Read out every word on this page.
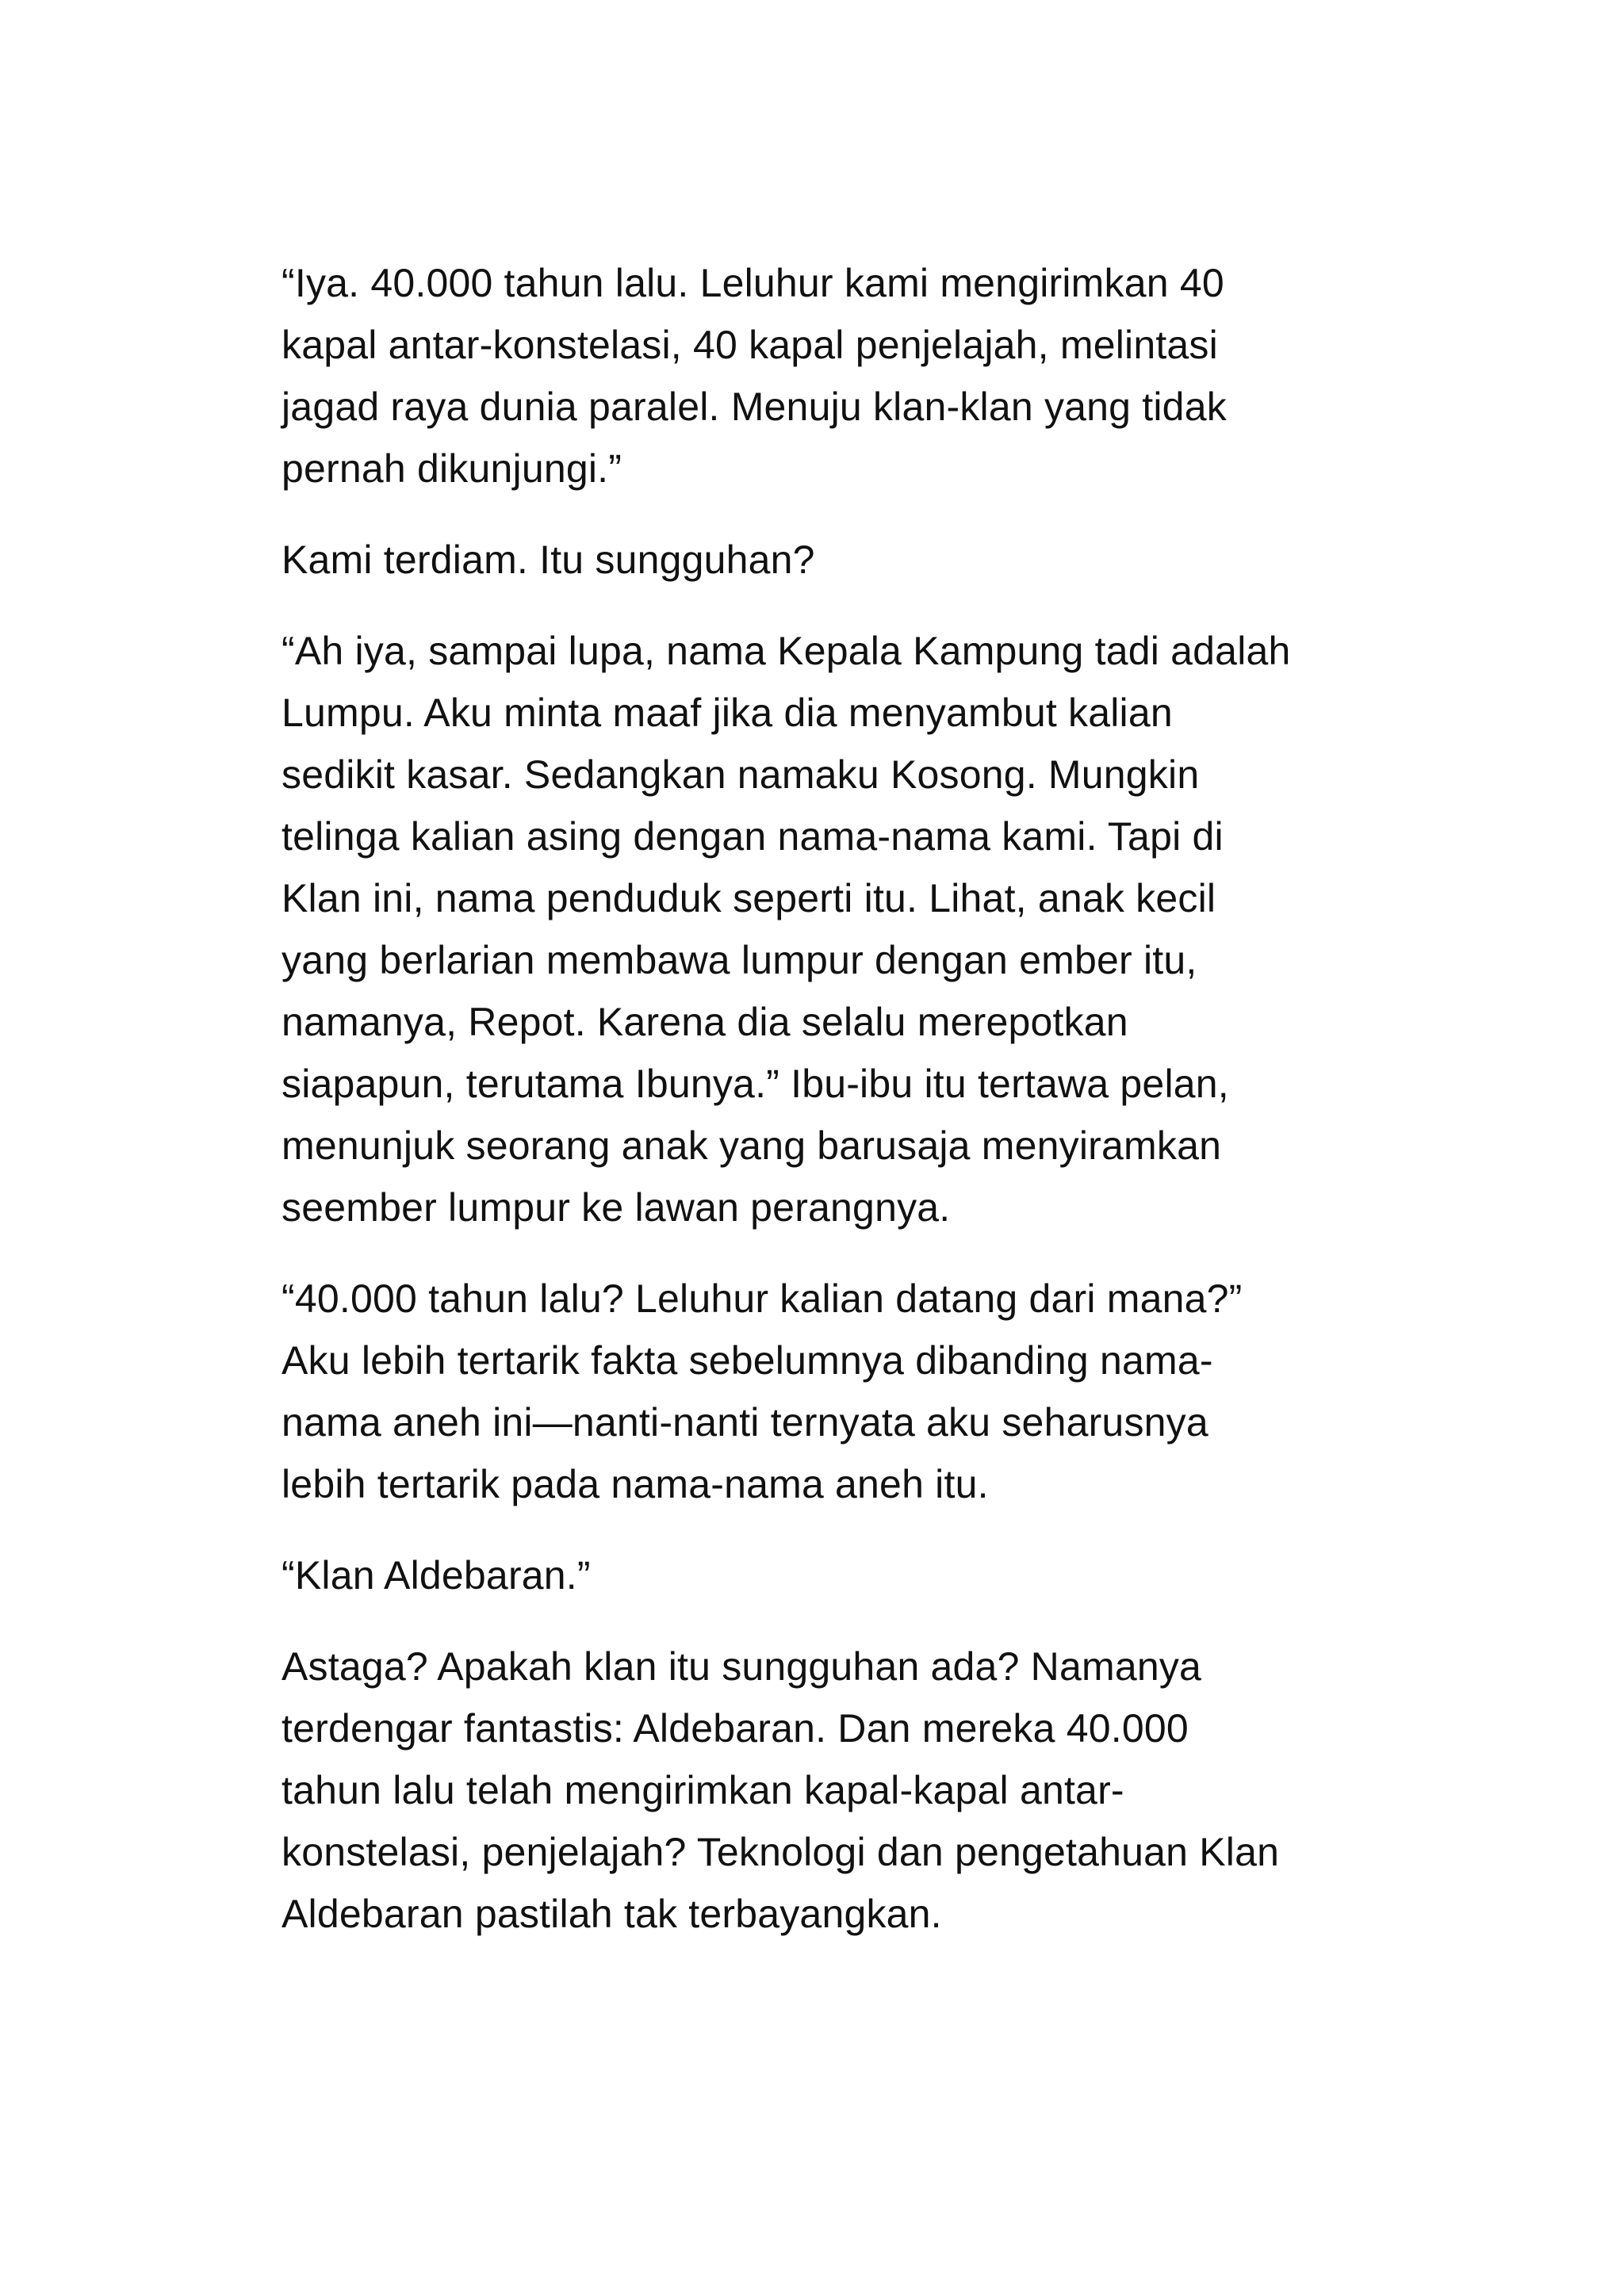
“Iya. 40.000 tahun lalu. Leluhur kami mengirimkan 40
kapal antar-konstelasi, 40 kapal penjelajah, melintasi
jagad raya dunia paralel. Menuju klan-klan yang tidak
pernah dikunjungi.”
Kami terdiam. Itu sungguhan?
“Ah iya, sampai lupa, nama Kepala Kampung tadi adalah
Lumpu. Aku minta maaf jika dia menyambut kalian
sedikit kasar. Sedangkan namaku Kosong. Mungkin
telinga kalian asing dengan nama-nama kami. Tapi di
Klan ini, nama penduduk seperti itu. Lihat, anak kecil
yang berlarian membawa lumpur dengan ember itu,
namanya, Repot. Karena dia selalu merepotkan
siapapun, terutama Ibunya.” Ibu-ibu itu tertawa pelan,
menunjuk seorang anak yang barusaja menyiramkan
seember lumpur ke lawan perangnya.
“40.000 tahun lalu? Leluhur kalian datang dari mana?”
Aku lebih tertarik fakta sebelumnya dibanding nama-
nama aneh ini—nanti-nanti ternyata aku seharusnya
lebih tertarik pada nama-nama aneh itu.
“Klan Aldebaran.”
Astaga? Apakah klan itu sungguhan ada? Namanya
terdengar fantastis: Aldebaran. Dan mereka 40.000
tahun lalu telah mengirimkan kapal-kapal antar-
konstelasi, penjelajah? Teknologi dan pengetahuan Klan
Aldebaran pastilah tak terbayangkan.
